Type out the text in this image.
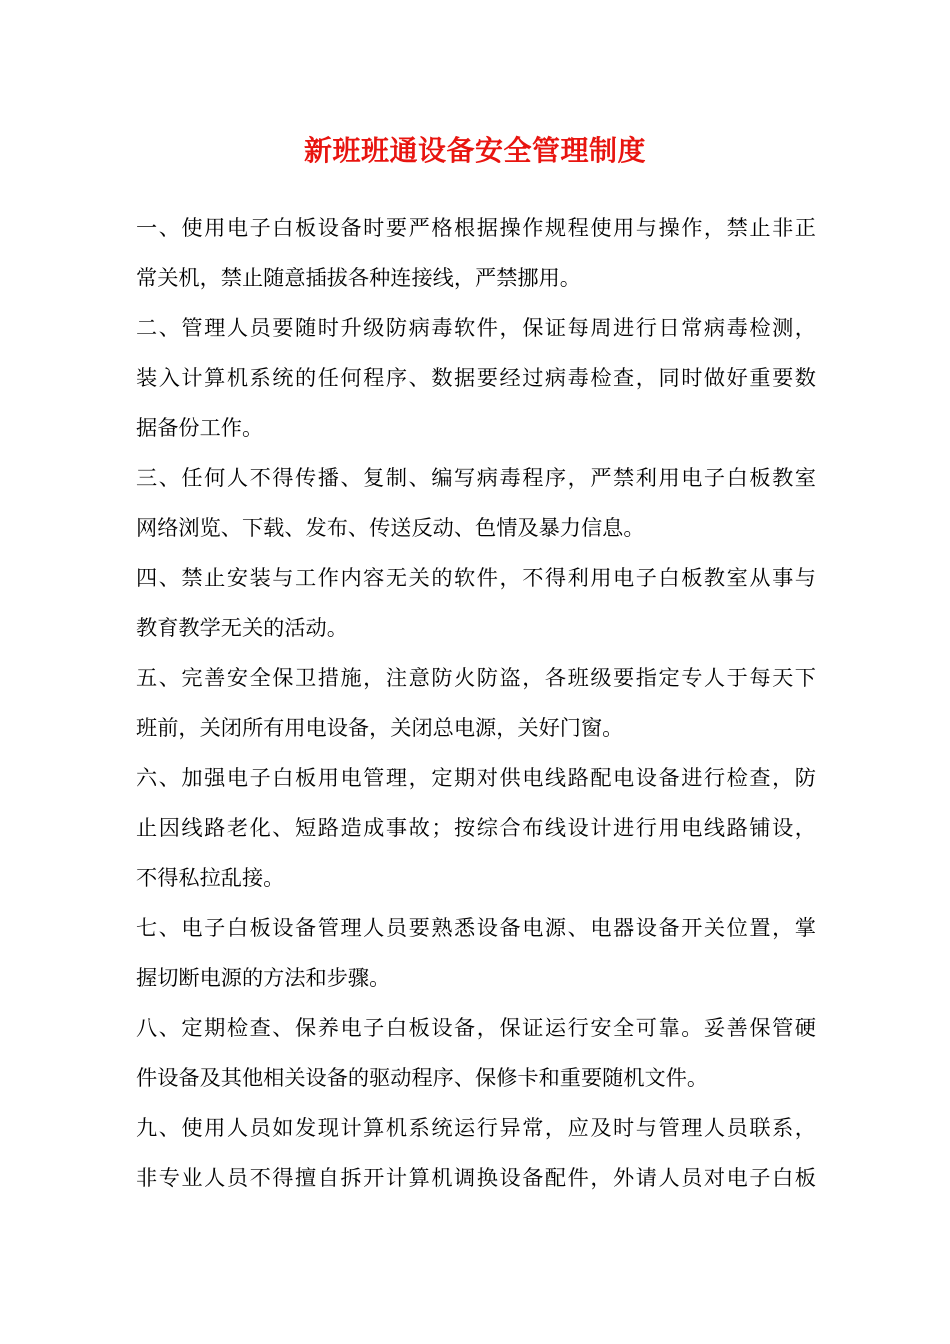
新班班通设备安全管理制度
一、使用电子白板设备时要严格根据操作规程使用与操作，禁止非正
常关机，禁止随意插拔各种连接线，严禁挪用。
二、管理人员要随时升级防病毒软件，保证每周进行日常病毒检测，
装入计算机系统的任何程序、数据要经过病毒检查，同时做好重要数
据备份工作。
三、任何人不得传播、复制、编写病毒程序，严禁利用电子白板教室
网络浏览、下载、发布、传送反动、色情及暴力信息。
四、禁止安装与工作内容无关的软件，不得利用电子白板教室从事与
教育教学无关的活动。
五、完善安全保卫措施，注意防火防盗，各班级要指定专人于每天下
班前，关闭所有用电设备，关闭总电源，关好门窗。
六、加强电子白板用电管理，定期对供电线路配电设备进行检查，防
止因线路老化、短路造成事故；按综合布线设计进行用电线路铺设，
不得私拉乱接。
七、电子白板设备管理人员要熟悉设备电源、电器设备开关位置，掌
握切断电源的方法和步骤。
八、定期检查、保养电子白板设备，保证运行安全可靠。妥善保管硬
件设备及其他相关设备的驱动程序、保修卡和重要随机文件。
九、使用人员如发现计算机系统运行异常，应及时与管理人员联系，
非专业人员不得擅自拆开计算机调换设备配件，外请人员对电子白板
